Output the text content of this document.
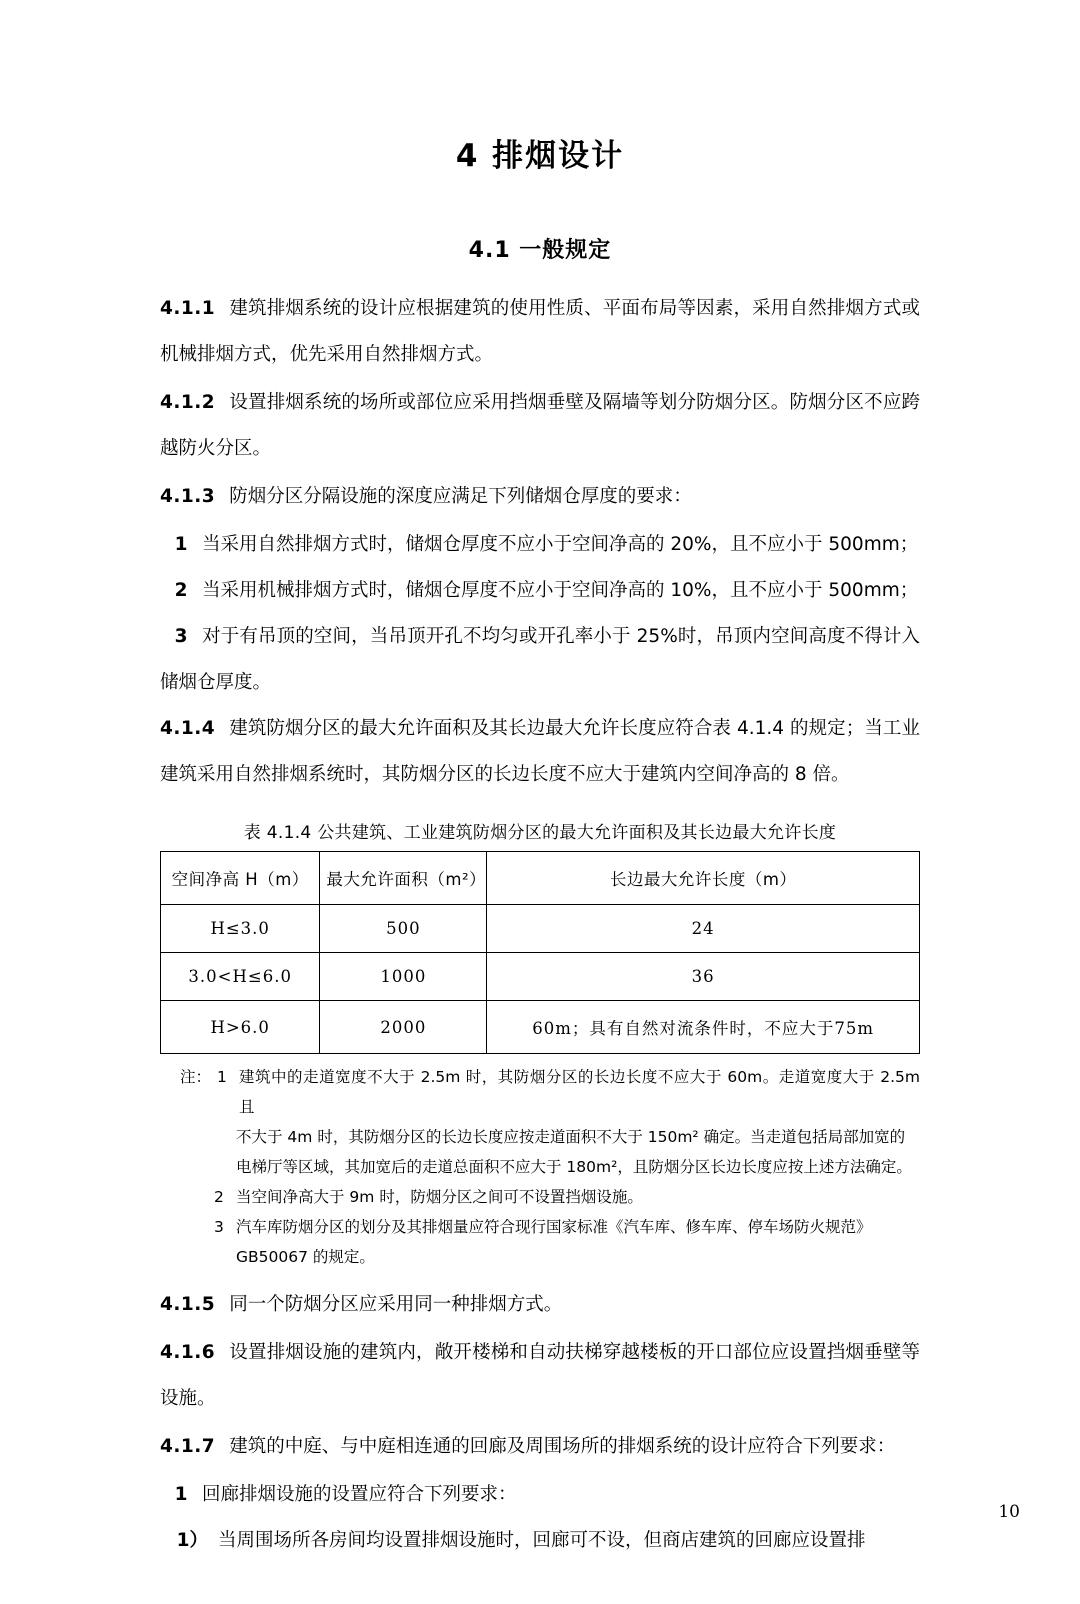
4 排烟设计
4.1 一般规定

4.1.1 建筑排烟系统的设计应根据建筑的使用性质、平面布局等因素，采用自然排烟方式或机械排烟方式，优先采用自然排烟方式。

4.1.2 设置排烟系统的场所或部位应采用挡烟垂壁及隔墙等划分防烟分区。防烟分区不应跨越防火分区。

4.1.3 防烟分区分隔设施的深度应满足下列储烟仓厚度的要求：

1 当采用自然排烟方式时，储烟仓厚度不应小于空间净高的 20%，且不应小于 500mm；

2 当采用机械排烟方式时，储烟仓厚度不应小于空间净高的 10%，且不应小于 500mm；

3 对于有吊顶的空间，当吊顶开孔不均匀或开孔率小于 25%时，吊顶内空间高度不得计入储烟仓厚度。

4.1.4 建筑防烟分区的最大允许面积及其长边最大允许长度应符合表 4.1.4 的规定；当工业建筑采用自然排烟系统时，其防烟分区的长边长度不应大于建筑内空间净高的 8 倍。

表 4.1.4 公共建筑、工业建筑防烟分区的最大允许面积及其长边最大允许长度
空间净高 H（m）	最大允许面积（m²）	长边最大允许长度（m）
H≤3.0	500	24
3.0<H≤6.0	1000	36
H>6.0	2000	60m；具有自然对流条件时，不应大于75m
注： 1 建筑中的走道宽度不大于 2.5m 时，其防烟分区的长边长度不应大于 60m。走道宽度大于 2.5m 且
不大于 4m 时，其防烟分区的长边长度应按走道面积不大于 150m² 确定。当走道包括局部加宽的
电梯厅等区域，其加宽后的走道总面积不应大于 180m²，且防烟分区长边长度应按上述方法确定。
2 当空间净高大于 9m 时，防烟分区之间可不设置挡烟设施。
3 汽车库防烟分区的划分及其排烟量应符合现行国家标准《汽车库、修车库、停车场防火规范》
GB50067 的规定。

4.1.5 同一个防烟分区应采用同一种排烟方式。

4.1.6 设置排烟设施的建筑内，敞开楼梯和自动扶梯穿越楼板的开口部位应设置挡烟垂壁等设施。

4.1.7 建筑的中庭、与中庭相连通的回廊及周围场所的排烟系统的设计应符合下列要求：

1 回廊排烟设施的设置应符合下列要求：

1） 当周围场所各房间均设置排烟设施时，回廊可不设，但商店建筑的回廊应设置排

10
